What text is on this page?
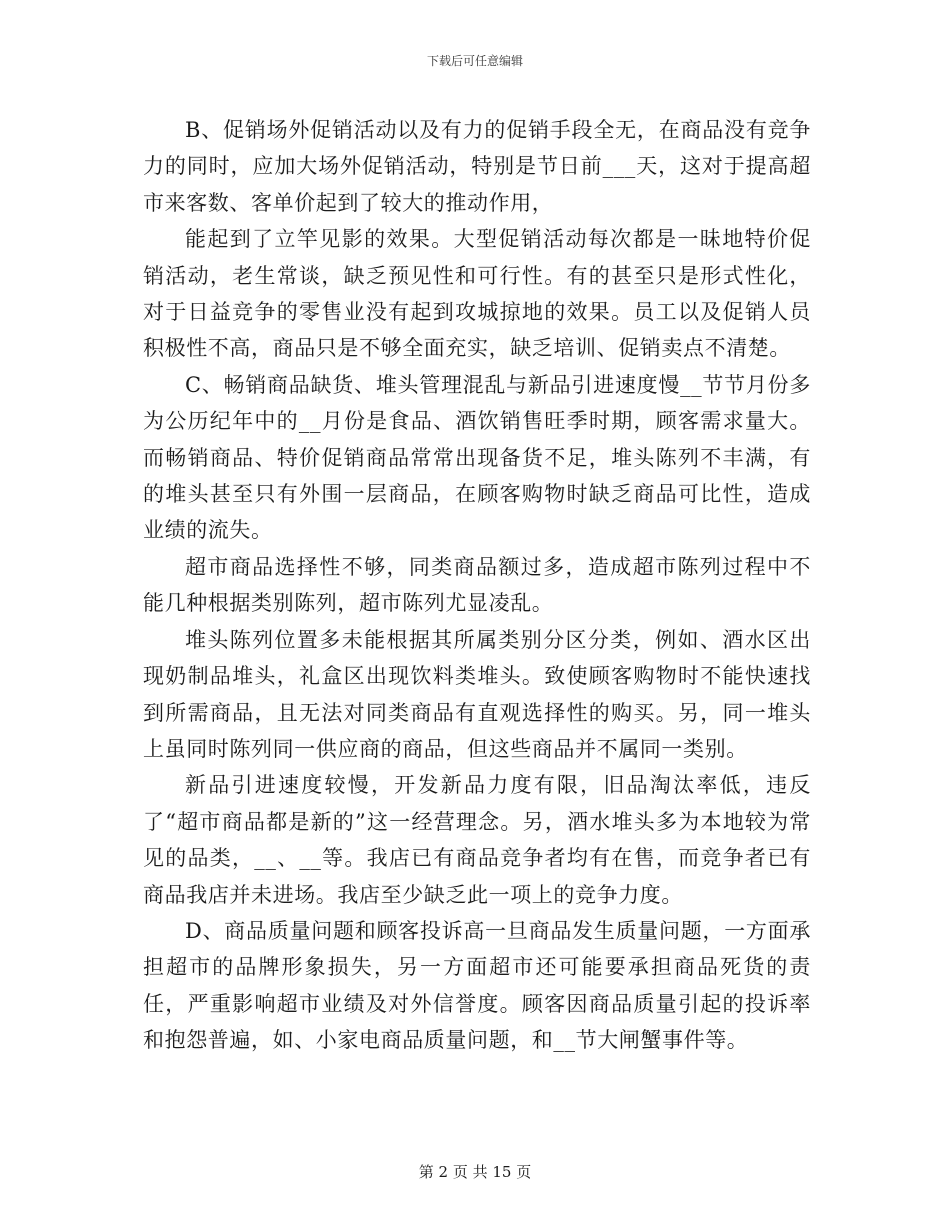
下载后可任意编辑

B、促销场外促销活动以及有力的促销手段全无，在商品没有竞争力的同时，应加大场外促销活动，特别是节日前___天，这对于提高超市来客数、客单价起到了较大的推动作用，

能起到了立竿见影的效果。大型促销活动每次都是一昧地特价促销活动，老生常谈，缺乏预见性和可行性。有的甚至只是形式性化，对于日益竞争的零售业没有起到攻城掠地的效果。员工以及促销人员积极性不高，商品只是不够全面充实，缺乏培训、促销卖点不清楚。

C、畅销商品缺货、堆头管理混乱与新品引进速度慢__节节月份多为公历纪年中的__月份是食品、酒饮销售旺季时期，顾客需求量大。而畅销商品、特价促销商品常常出现备货不足，堆头陈列不丰满，有的堆头甚至只有外围一层商品，在顾客购物时缺乏商品可比性，造成业绩的流失。

超市商品选择性不够，同类商品额过多，造成超市陈列过程中不能几种根据类别陈列，超市陈列尤显凌乱。

堆头陈列位置多未能根据其所属类别分区分类，例如、酒水区出现奶制品堆头，礼盒区出现饮料类堆头。致使顾客购物时不能快速找到所需商品，且无法对同类商品有直观选择性的购买。另，同一堆头上虽同时陈列同一供应商的商品，但这些商品并不属同一类别。

新品引进速度较慢，开发新品力度有限，旧品淘汰率低，违反了“超市商品都是新的”这一经营理念。另，酒水堆头多为本地较为常见的品类，__、__等。我店已有商品竞争者均有在售，而竞争者已有商品我店并未进场。我店至少缺乏此一项上的竞争力度。

D、商品质量问题和顾客投诉高一旦商品发生质量问题，一方面承担超市的品牌形象损失，另一方面超市还可能要承担商品死货的责任，严重影响超市业绩及对外信誉度。顾客因商品质量引起的投诉率和抱怨普遍，如、小家电商品质量问题，和__节大闸蟹事件等。

第 2 页 共 15 页
